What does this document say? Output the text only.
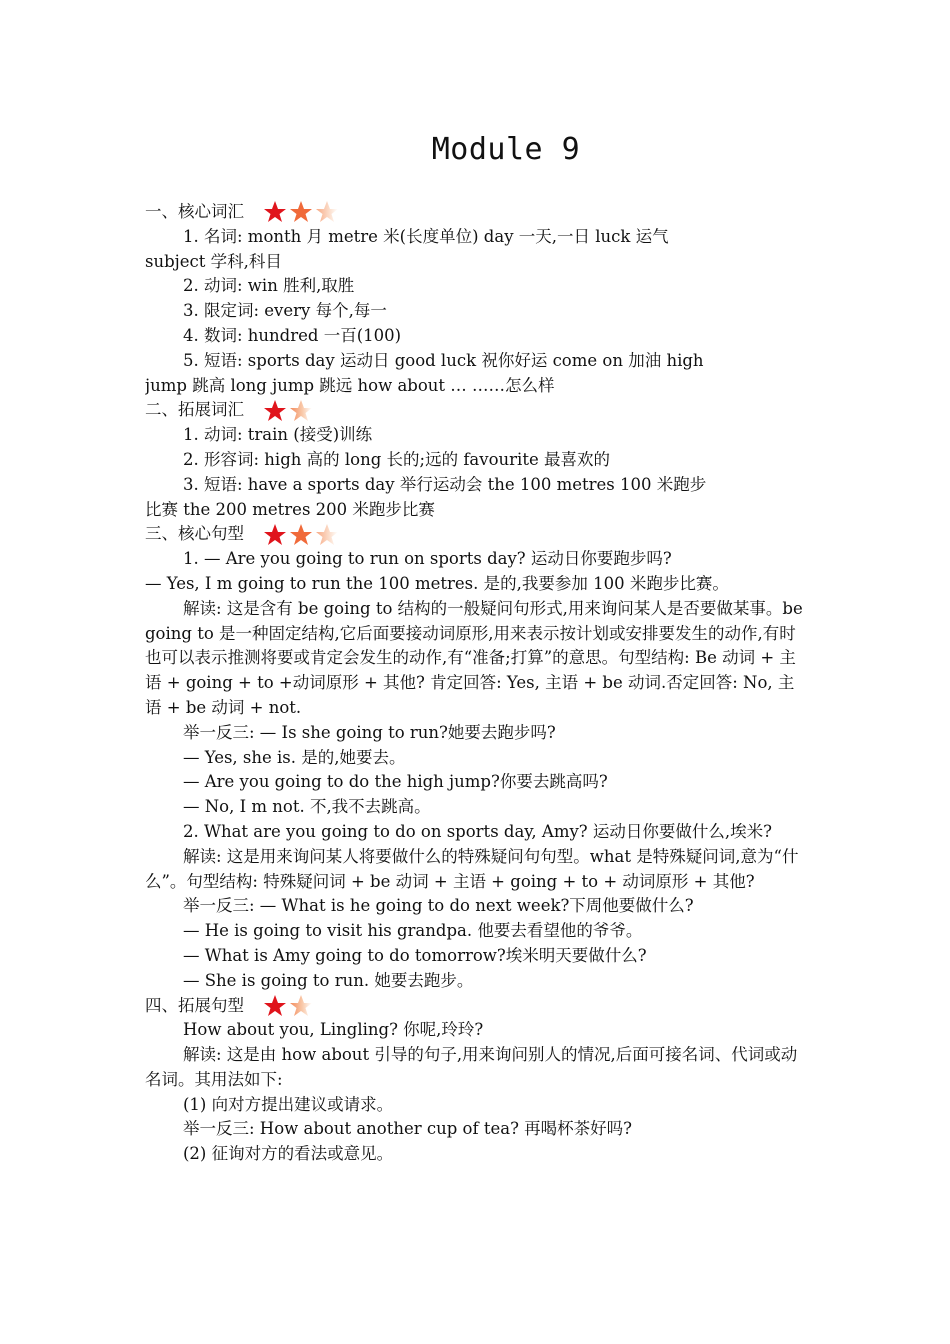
Module 9
一、核心词汇
1. 名词: month 月 metre 米(长度单位) day 一天,一日 luck 运气
subject 学科,科目
2. 动词: win 胜利,取胜
3. 限定词: every 每个,每一
4. 数词: hundred 一百(100)
5. 短语: sports day 运动日 good luck 祝你好运 come on 加油 high
jump 跳高 long jump 跳远 how about … ……怎么样
二、拓展词汇
1. 动词: train (接受)训练
2. 形容词: high 高的 long 长的;远的 favourite 最喜欢的
3. 短语: have a sports day 举行运动会 the 100 metres 100 米跑步
比赛 the 200 metres 200 米跑步比赛
三、核心句型
1. — Are you going to run on sports day? 运动日你要跑步吗?
— Yes, I m going to run the 100 metres. 是的,我要参加 100 米跑步比赛。
解读: 这是含有 be going to 结构的一般疑问句形式,用来询问某人是否要做某事。be going to 是一种固定结构,它后面要接动词原形,用来表示按计划或安排要发生的动作,有时也可以表示推测将要或肯定会发生的动作,有“准备;打算”的意思。句型结构: Be 动词 + 主语 + going + to +动词原形 + 其他? 肯定回答: Yes, 主语 + be 动词.否定回答: No, 主语 + be 动词 + not.
举一反三: — Is she going to run?她要去跑步吗?
— Yes, she is. 是的,她要去。
— Are you going to do the high jump?你要去跳高吗?
— No, I m not. 不,我不去跳高。
2. What are you going to do on sports day, Amy? 运动日你要做什么,埃米?
解读: 这是用来询问某人将要做什么的特殊疑问句句型。what 是特殊疑问词,意为“什么”。句型结构: 特殊疑问词 + be 动词 + 主语 + going + to + 动词原形 + 其他?
举一反三: — What is he going to do next week?下周他要做什么?
— He is going to visit his grandpa. 他要去看望他的爷爷。
— What is Amy going to do tomorrow?埃米明天要做什么?
— She is going to run. 她要去跑步。
四、拓展句型
How about you, Lingling? 你呢,玲玲?
解读: 这是由 how about 引导的句子,用来询问别人的情况,后面可接名词、代词或动名词。其用法如下:
(1) 向对方提出建议或请求。
举一反三: How about another cup of tea? 再喝杯茶好吗?
(2) 征询对方的看法或意见。
